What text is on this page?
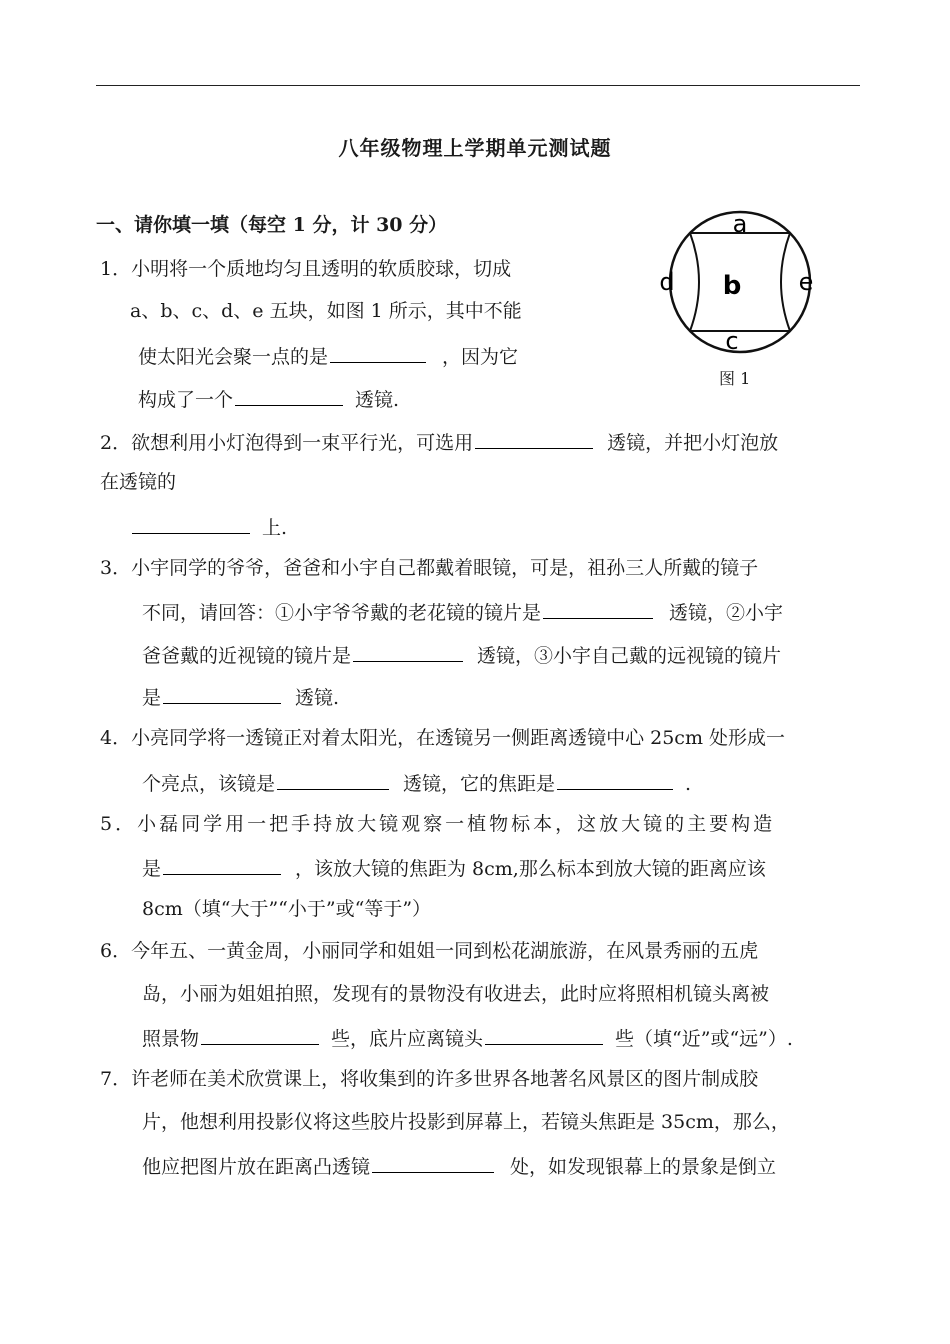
八年级物理上学期单元测试题
一、请你填一填（每空 1 分，计 30 分）	a
b
c
d	e
图 1
1．小明将一个质地均匀且透明的软质胶球，切成
a、b、c、d、e 五块，如图 1 所示，其中不能
使太阳光会聚一点的是	，因为它
构成了一个	透镜.
2．欲想利用小灯泡得到一束平行光，可选用	透镜，并把小灯泡放
在透镜的
上.
3．小宇同学的爷爷，爸爸和小宇自己都戴着眼镜，可是，祖孙三人所戴的镜子
不同，请回答：①小宇爷爷戴的老花镜的镜片是	透镜，②小宇
爸爸戴的近视镜的镜片是	透镜，③小宇自己戴的远视镜的镜片
是	透镜.
4．小亮同学将一透镜正对着太阳光，在透镜另一侧距离透镜中心 25cm 处形成一
个亮点，该镜是	透镜，它的焦距是	.
5．小磊同学用一把手持放大镜观察一植物标本，这放大镜的主要构造
是	，该放大镜的焦距为 8cm,那么标本到放大镜的距离应该
8cm（填“大于”“小于”或“等于”）
6．今年五、一黄金周，小丽同学和姐姐一同到松花湖旅游，在风景秀丽的五虎
岛，小丽为姐姐拍照，发现有的景物没有收进去，此时应将照相机镜头离被
照景物	些，底片应离镜头	些（填“近”或“远”）.
7．许老师在美术欣赏课上，将收集到的许多世界各地著名风景区的图片制成胶
片，他想利用投影仪将这些胶片投影到屏幕上，若镜头焦距是 35cm，那么，
他应把图片放在距离凸透镜	处，如发现银幕上的景象是倒立
